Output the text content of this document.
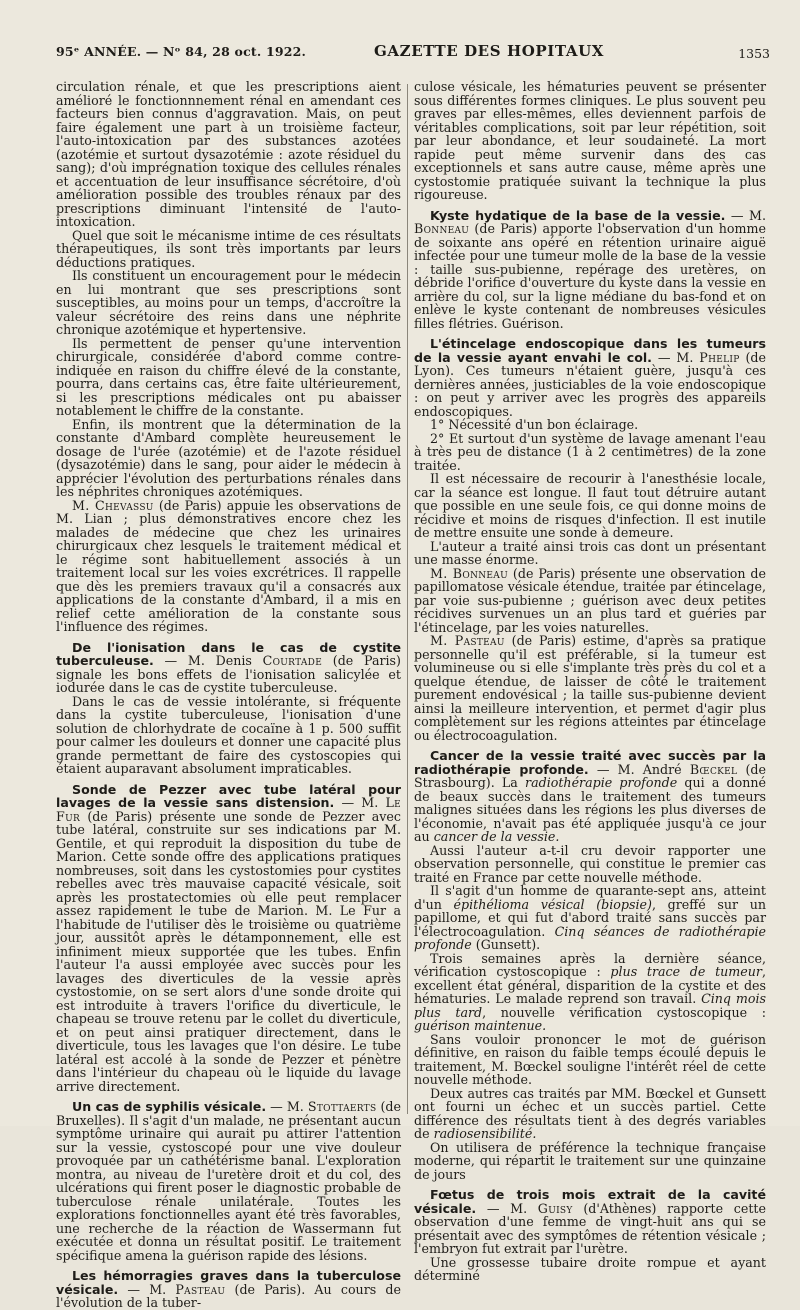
95ᵉ ANNÉE. — Nᵒ 84, 28 oct. 1922.	GAZETTE DES HOPITAUX	1353

circulation rénale, et que les prescriptions aient amélioré le fonctionnnement rénal en amendant ces facteurs bien connus d'aggravation. Mais, on peut faire également une part à un troisième facteur, l'auto-intoxication par des substances azotées (azotémie et surtout dysazotémie : azote résiduel du sang); d'où imprégnation toxique des cellules rénales et accentuation de leur insuffisance sécrétoire, d'où amélioration possible des troubles rénaux par des prescriptions diminuant l'intensité de l'auto-intoxication.

Quel que soit le mécanisme intime de ces résultats thérapeutiques, ils sont très importants par leurs déductions pratiques.

Ils constituent un encouragement pour le médecin en lui montrant que ses prescriptions sont susceptibles, au moins pour un temps, d'accroître la valeur sécrétoire des reins dans une néphrite chronique azotémique et hypertensive.

Ils permettent de penser qu'une intervention chirurgicale, considérée d'abord comme contre-indiquée en raison du chiffre élevé de la constante, pourra, dans certains cas, être faite ultérieurement, si les prescriptions médicales ont pu abaisser notablement le chiffre de la constante.

Enfin, ils montrent que la détermination de la constante d'Ambard complète heureusement le dosage de l'urée (azotémie) et de l'azote résiduel (dysazotémie) dans le sang, pour aider le médecin à apprécier l'évolution des perturbations rénales dans les néphrites chroniques azotémiques.

M. Chevassu (de Paris) appuie les observations de M. Lian ; plus démonstratives encore chez les malades de médecine que chez les urinaires chirurgicaux chez lesquels le traitement médical et le régime sont habituellement associés à un traitement local sur les voies excrétrices. Il rappelle que dès les premiers travaux qu'il a consacrés aux applications de la constante d'Ambard, il a mis en relief cette amélioration de la constante sous l'influence des régimes.

De l'ionisation dans le cas de cystite tuberculeuse. — M. Denis Courtade (de Paris) signale les bons effets de l'ionisation salicylée et iodurée dans le cas de cystite tuberculeuse.

Dans le cas de vessie intolérante, si fréquente dans la cystite tuberculeuse, l'ionisation d'une solution de chlorhydrate de cocaïne à 1 p. 500 suffit pour calmer les douleurs et donner une capacité plus grande permettant de faire des cystoscopies qui étaient auparavant absolument impraticables.

Sonde de Pezzer avec tube latéral pour lavages de la vessie sans distension. — M. Le Fur (de Paris) présente une sonde de Pezzer avec tube latéral, construite sur ses indications par M. Gentile, et qui reproduit la disposition du tube de Marion. Cette sonde offre des applications pratiques nombreuses, soit dans les cystostomies pour cystites rebelles avec très mauvaise capacité vésicale, soit après les prostatectomies où elle peut remplacer assez rapidement le tube de Marion. M. Le Fur a l'habitude de l'utiliser dès le troisième ou quatrième jour, aussitôt après le détamponnement, elle est infiniment mieux supportée que les tubes. Enfin l'auteur l'a aussi employée avec succès pour les lavages des diverticules de la vessie après cystostomie, on se sert alors d'une sonde droite qui est introduite à travers l'orifice du diverticule, le chapeau se trouve retenu par le collet du diverticule, et on peut ainsi pratiquer directement, dans le diverticule, tous les lavages que l'on désire. Le tube latéral est accolé à la sonde de Pezzer et pénètre dans l'intérieur du chapeau où le liquide du lavage arrive directement.

Un cas de syphilis vésicale. — M. Stottaerts (de Bruxelles). Il s'agit d'un malade, ne présentant aucun symptôme urinaire qui aurait pu attirer l'attention sur la vessie, cystoscopé pour une vive douleur provoquée par un cathétérisme banal. L'exploration montra, au niveau de l'uretère droit et du col, des ulcérations qui firent poser le diagnostic probable de tuberculose rénale unilatérale. Toutes les explorations fonctionnelles ayant été très favorables, une recherche de la réaction de Wassermann fut exécutée et donna un résultat positif. Le traitement spécifique amena la guérison rapide des lésions.

Les hémorragies graves dans la tuberculose vésicale. — M. Pasteau (de Paris). Au cours de l'évolution de la tuber-

culose vésicale, les hématuries peuvent se présenter sous différentes formes cliniques. Le plus souvent peu graves par elles-mêmes, elles deviennent parfois de véritables complications, soit par leur répétition, soit par leur abondance, et leur soudaineté. La mort rapide peut même survenir dans des cas exceptionnels et sans autre cause, même après une cystostomie pratiquée suivant la technique la plus rigoureuse.

Kyste hydatique de la base de la vessie. — M. Bonneau (de Paris) apporte l'observation d'un homme de soixante ans opéré en rétention urinaire aiguë infectée pour une tumeur molle de la base de la vessie : taille sus-pubienne, repérage des uretères, on débride l'orifice d'ouverture du kyste dans la vessie en arrière du col, sur la ligne médiane du bas-fond et on enlève le kyste contenant de nombreuses vésicules filles flétries. Guérison.

L'étincelage endoscopique dans les tumeurs de la vessie ayant envahi le col. — M. Phelip (de Lyon). Ces tumeurs n'étaient guère, jusqu'à ces dernières années, justiciables de la voie endoscopique : on peut y arriver avec les progrès des appareils endoscopiques.

1° Nécessité d'un bon éclairage.

2° Et surtout d'un système de lavage amenant l'eau à très peu de distance (1 à 2 centimètres) de la zone traitée.

Il est nécessaire de recourir à l'anesthésie locale, car la séance est longue. Il faut tout détruire autant que possible en une seule fois, ce qui donne moins de récidive et moins de risques d'infection. Il est inutile de mettre ensuite une sonde à demeure.

L'auteur a traité ainsi trois cas dont un présentant une masse énorme.

M. Bonneau (de Paris) présente une observation de papillomatose vésicale étendue, traitée par étincelage, par voie sus-pubienne ; guérison avec deux petites récidives survenues un an plus tard et guéries par l'étincelage, par les voies naturelles.

M. Pasteau (de Paris) estime, d'après sa pratique personnelle qu'il est préférable, si la tumeur est volumineuse ou si elle s'implante très près du col et a quelque étendue, de laisser de côté le traitement purement endovésical ; la taille sus-pubienne devient ainsi la meilleure intervention, et permet d'agir plus complètement sur les régions atteintes par étincelage ou électrocoagulation.

Cancer de la vessie traité avec succès par la radiothérapie profonde. — M. André Bœckel (de Strasbourg). La radiothérapie profonde qui a donné de beaux succès dans le traitement des tumeurs malignes situées dans les régions les plus diverses de l'économie, n'avait pas été appliquée jusqu'à ce jour au cancer de la vessie.

Aussi l'auteur a-t-il cru devoir rapporter une observation personnelle, qui constitue le premier cas traité en France par cette nouvelle méthode.

Il s'agit d'un homme de quarante-sept ans, atteint d'un épithélioma vésical (biopsie), greffé sur un papillome, et qui fut d'abord traité sans succès par l'électrocoagulation. Cinq séances de radiothérapie profonde (Gunsett).

Trois semaines après la dernière séance, vérification cystoscopique : plus trace de tumeur, excellent état général, disparition de la cystite et des hématuries. Le malade reprend son travail. Cinq mois plus tard, nouvelle vérification cystoscopique : guérison maintenue.

Sans vouloir prononcer le mot de guérison définitive, en raison du faible temps écoulé depuis le traitement, M. Bœckel souligne l'intérêt réel de cette nouvelle méthode.

Deux autres cas traités par MM. Bœckel et Gunsett ont fourni un échec et un succès partiel. Cette différence des résultats tient à des degrés variables de radiosensibilité.

On utilisera de préférence la technique française moderne, qui répartit le traitement sur une quinzaine de jours

Fœtus de trois mois extrait de la cavité vésicale. — M. Guisy (d'Athènes) rapporte cette observation d'une femme de vingt-huit ans qui se présentait avec des symptômes de rétention vésicale ; l'embryon fut extrait par l'urètre.

Une grossesse tubaire droite rompue et ayant déterminé
